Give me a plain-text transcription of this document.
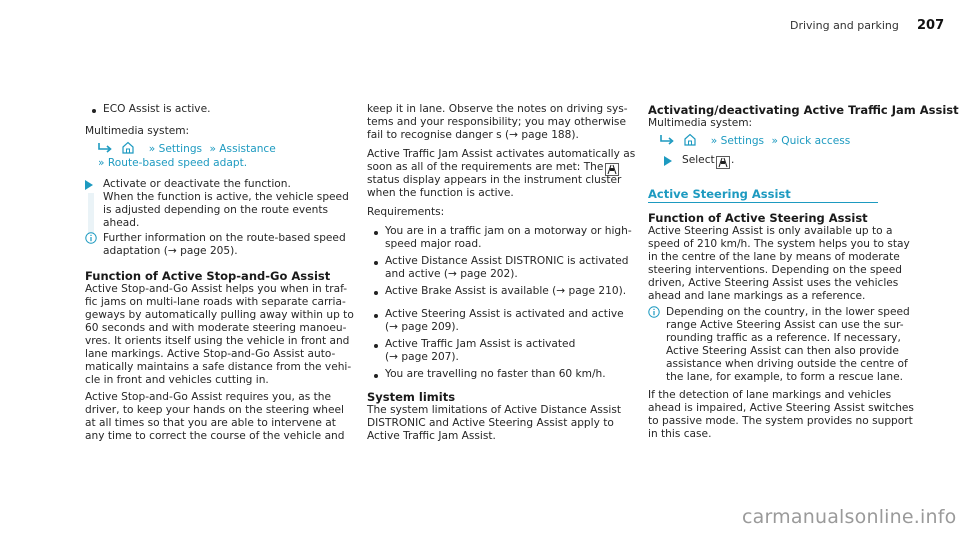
Driving and parking 207
ECO Assist is active.
Multimedia system:
» Settings » Assistance
» Route-based speed adapt.
Activate or deactivate the function.
When the function is active, the vehicle speed
is adjusted depending on the route events
ahead.
Further information on the route-based speed
adaptation (→ page 205).
Function of Active Stop-and-Go Assist
Active Stop-and-Go Assist helps you when in traf-
fic jams on multi-lane roads with separate carria-
geways by automatically pulling away within up to
60 seconds and with moderate steering manoeu-
vres. It orients itself using the vehicle in front and
lane markings. Active Stop-and-Go Assist auto-
matically maintains a safe distance from the vehi-
cle in front and vehicles cutting in.
Active Stop-and-Go Assist requires you, as the
driver, to keep your hands on the steering wheel
at all times so that you are able to intervene at
any time to correct the course of the vehicle and
keep it in lane. Observe the notes on driving sys-
tems and your responsibility; you may otherwise
fail to recognise danger s (→ page 188).
Active Traffic Jam Assist activates automatically as
soon as all of the requirements are met: The
status display appears in the instrument cluster
when the function is active.
Requirements:
You are in a traffic jam on a motorway or high-
speed major road.
Active Distance Assist DISTRONIC is activated
and active (→ page 202).
Active Brake Assist is available (→ page 210).
Active Steering Assist is activated and active
(→ page 209).
Active Traffic Jam Assist is activated
(→ page 207).
You are travelling no faster than 60 km/h.
System limits
The system limitations of Active Distance Assist
DISTRONIC and Active Steering Assist apply to
Active Traffic Jam Assist.
Activating/deactivating Active Traffic Jam Assist
Multimedia system:
» Settings » Quick access
Select .
Active Steering Assist
Function of Active Steering Assist
Active Steering Assist is only available up to a
speed of 210 km/h. The system helps you to stay
in the centre of the lane by means of moderate
steering interventions. Depending on the speed
driven, Active Steering Assist uses the vehicles
ahead and lane markings as a reference.
Depending on the country, in the lower speed
range Active Steering Assist can use the sur-
rounding traffic as a reference. If necessary,
Active Steering Assist can then also provide
assistance when driving outside the centre of
the lane, for example, to form a rescue lane.
If the detection of lane markings and vehicles
ahead is impaired, Active Steering Assist switches
to passive mode. The system provides no support
in this case.
carmanualsonline.info
